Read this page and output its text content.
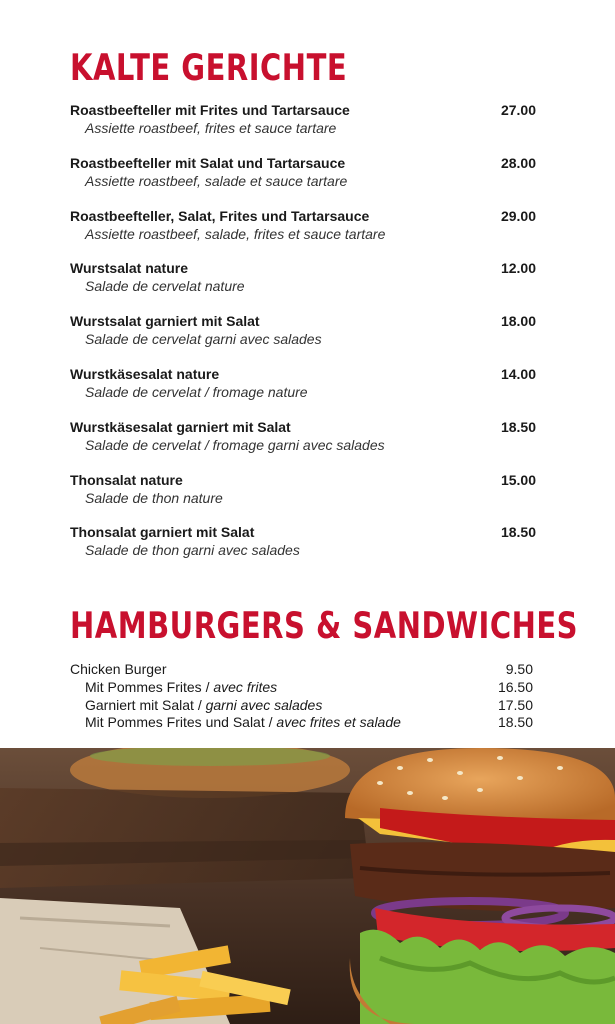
KALTE GERICHTE
Roastbeefteller mit Frites und Tartarsauce	27.00
Assiette roastbeef, frites et sauce tartare
Roastbeefteller mit Salat und Tartarsauce	28.00
Assiette roastbeef, salade et sauce tartare
Roastbeefteller, Salat, Frites und Tartarsauce	29.00
Assiette roastbeef, salade, frites et sauce tartare
Wurstsalat nature	12.00
Salade de cervelat nature
Wurstsalat garniert mit Salat	18.00
Salade de cervelat garni avec salades
Wurstkäsesalat nature	14.00
Salade de cervelat / fromage nature
Wurstkäsesalat garniert mit Salat	18.50
Salade de cervelat / fromage garni avec salades
Thonsalat nature	15.00
Salade de thon nature
Thonsalat garniert mit Salat	18.50
Salade de thon garni avec salades
HAMBURGERS & SANDWICHES
Chicken Burger	9.50
Mit Pommes Frites / avec frites	16.50
Garniert mit Salat / garni avec salades	17.50
Mit Pommes Frites und Salat / avec frites et salade	18.50
